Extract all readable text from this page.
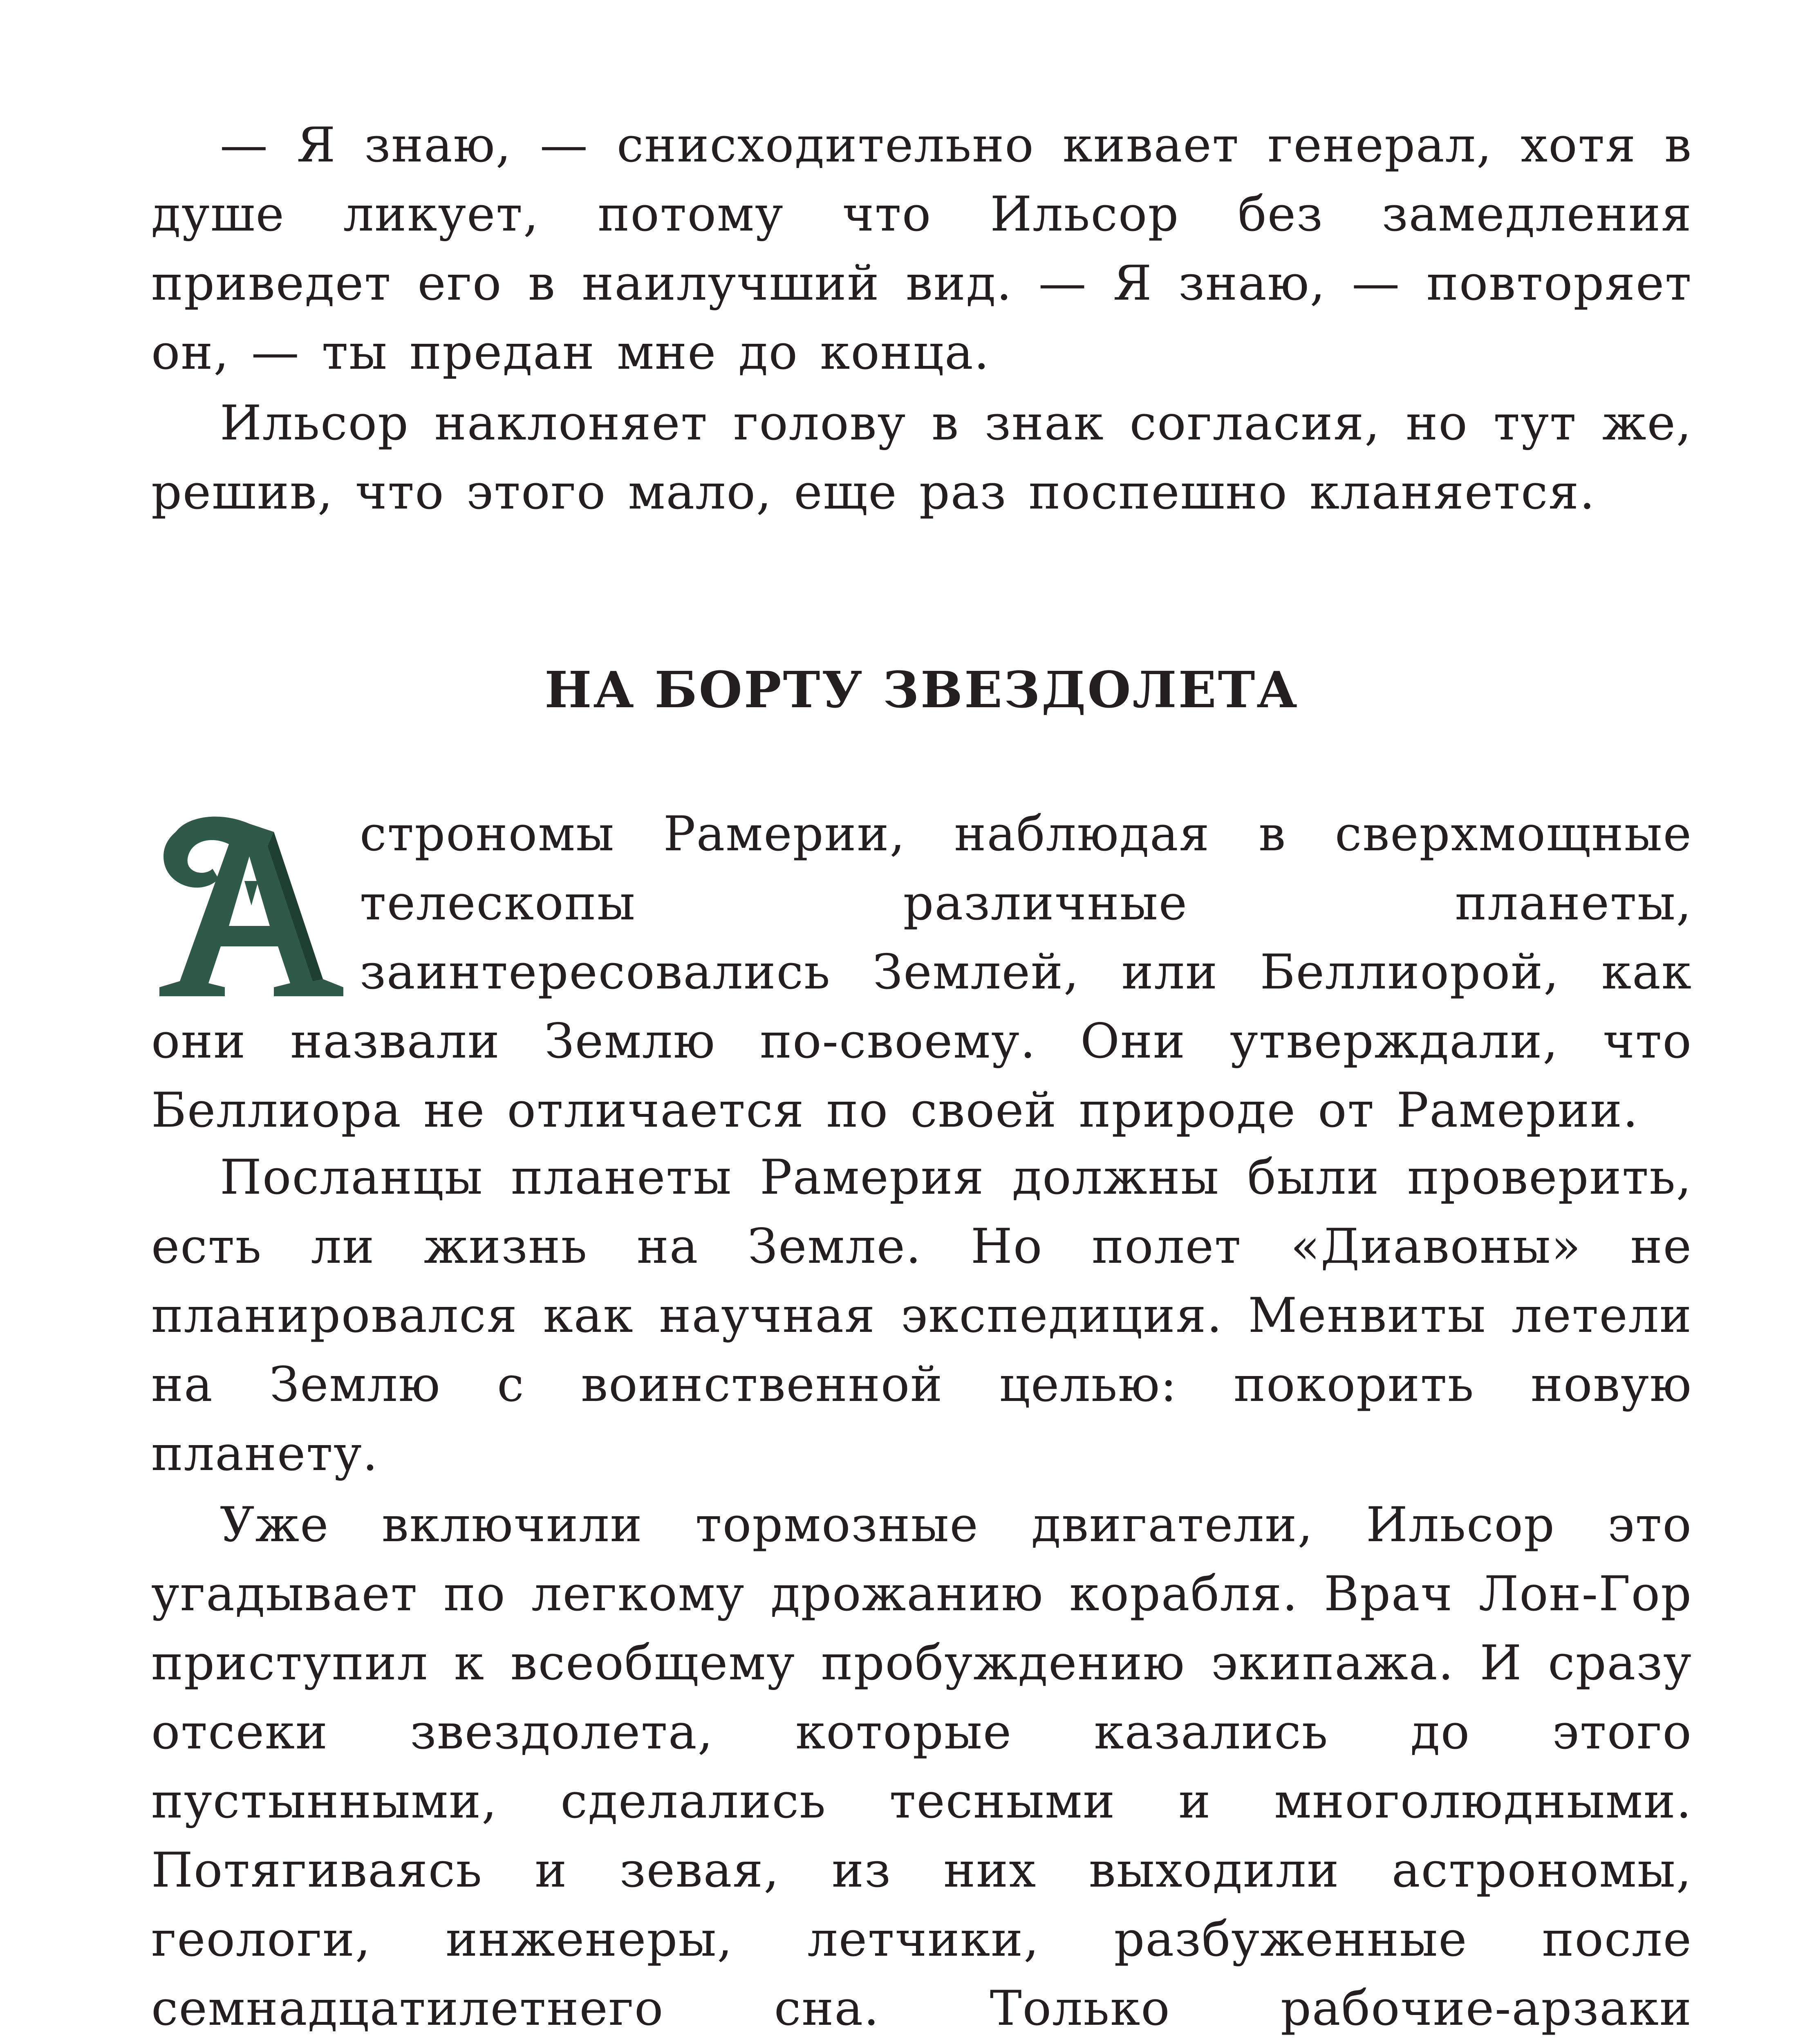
— Я знаю, — снисходительно кивает генерал, хотя в душе ликует, потому что Ильсор без замедления приведет его в наилучший вид. — Я знаю, — повторяет он, — ты предан мне до конца.

Ильсор наклоняет голову в знак согласия, но тут же, решив, что этого мало, еще раз поспешно кланяется.

НА БОРТУ ЗВЕЗДОЛЕТА

строномы Рамерии, наблюдая в сверхмощные телескопы различные планеты, заинтересовались Землей, или Беллиорой, как они назвали Землю по-своему. Они утверждали, что Беллиора не отличается по своей природе от Рамерии.

Посланцы планеты Рамерия должны были проверить, есть ли жизнь на Земле. Но полет «Диавоны» не планировался как научная экспедиция. Менвиты летели на Землю с воинственной целью: покорить новую планету.

Уже включили тормозные двигатели, Ильсор это угадывает по легкому дрожанию корабля. Врач Лон-Гор приступил к всеобщему пробуждению экипажа. И сразу отсеки звездолета, которые казались до этого пустынными, сделались тесными и многолюдными. Потягиваясь и зевая, из них выходили астрономы, геологи, инженеры, летчики, разбуженные после семнадцатилетнего сна. Только рабочие-арзаки
